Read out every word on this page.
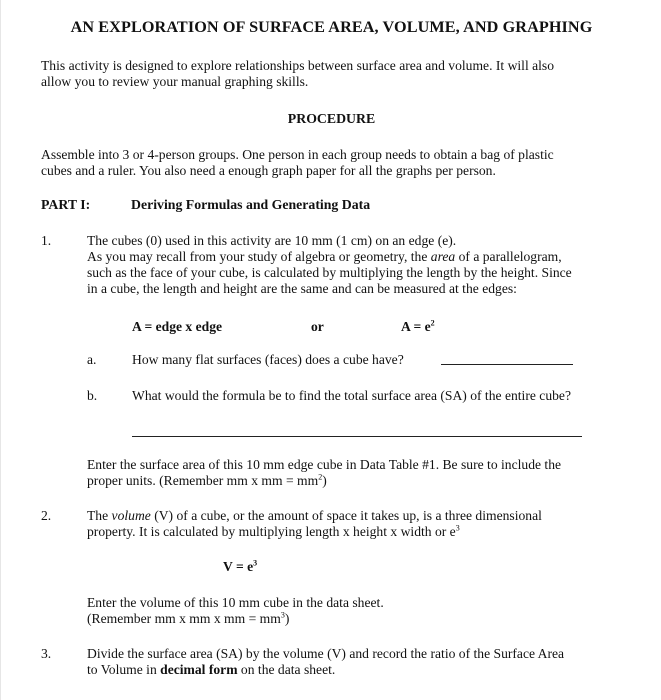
AN EXPLORATION OF SURFACE AREA, VOLUME, AND GRAPHING
This activity is designed to explore relationships between surface area and volume. It will also
allow you to review your manual graphing skills.
PROCEDURE
Assemble into 3 or 4-person groups. One person in each group needs to obtain a bag of plastic
cubes and a ruler. You also need a enough graph paper for all the graphs per person.
PART I:	Deriving Formulas and Generating Data
1.	The cubes (0) used in this activity are 10 mm (1 cm) on an edge (e).
As you may recall from your study of algebra or geometry, the area of a parallelogram,
such as the face of your cube, is calculated by multiplying the length by the height. Since
in a cube, the length and height are the same and can be measured at the edges:
A = edge x edge	or	$A = e^2$
a.	How many flat surfaces (faces) does a cube have?
b.	What would the formula be to find the total surface area (SA) of the entire cube?
Enter the surface area of this 10 mm edge cube in Data Table #1. Be sure to include the
proper units. (Remember mm x mm = $mm^2$)
2.	The volume (V) of a cube, or the amount of space it takes up, is a three dimensional
property. It is calculated by multiplying length x height x width or $e^3$
$V = e^3$
Enter the volume of this 10 mm cube in the data sheet.
(Remember mm x mm x mm = $mm^3$)
3.	Divide the surface area (SA) by the volume (V) and record the ratio of the Surface Area
to Volume in decimal form on the data sheet.
